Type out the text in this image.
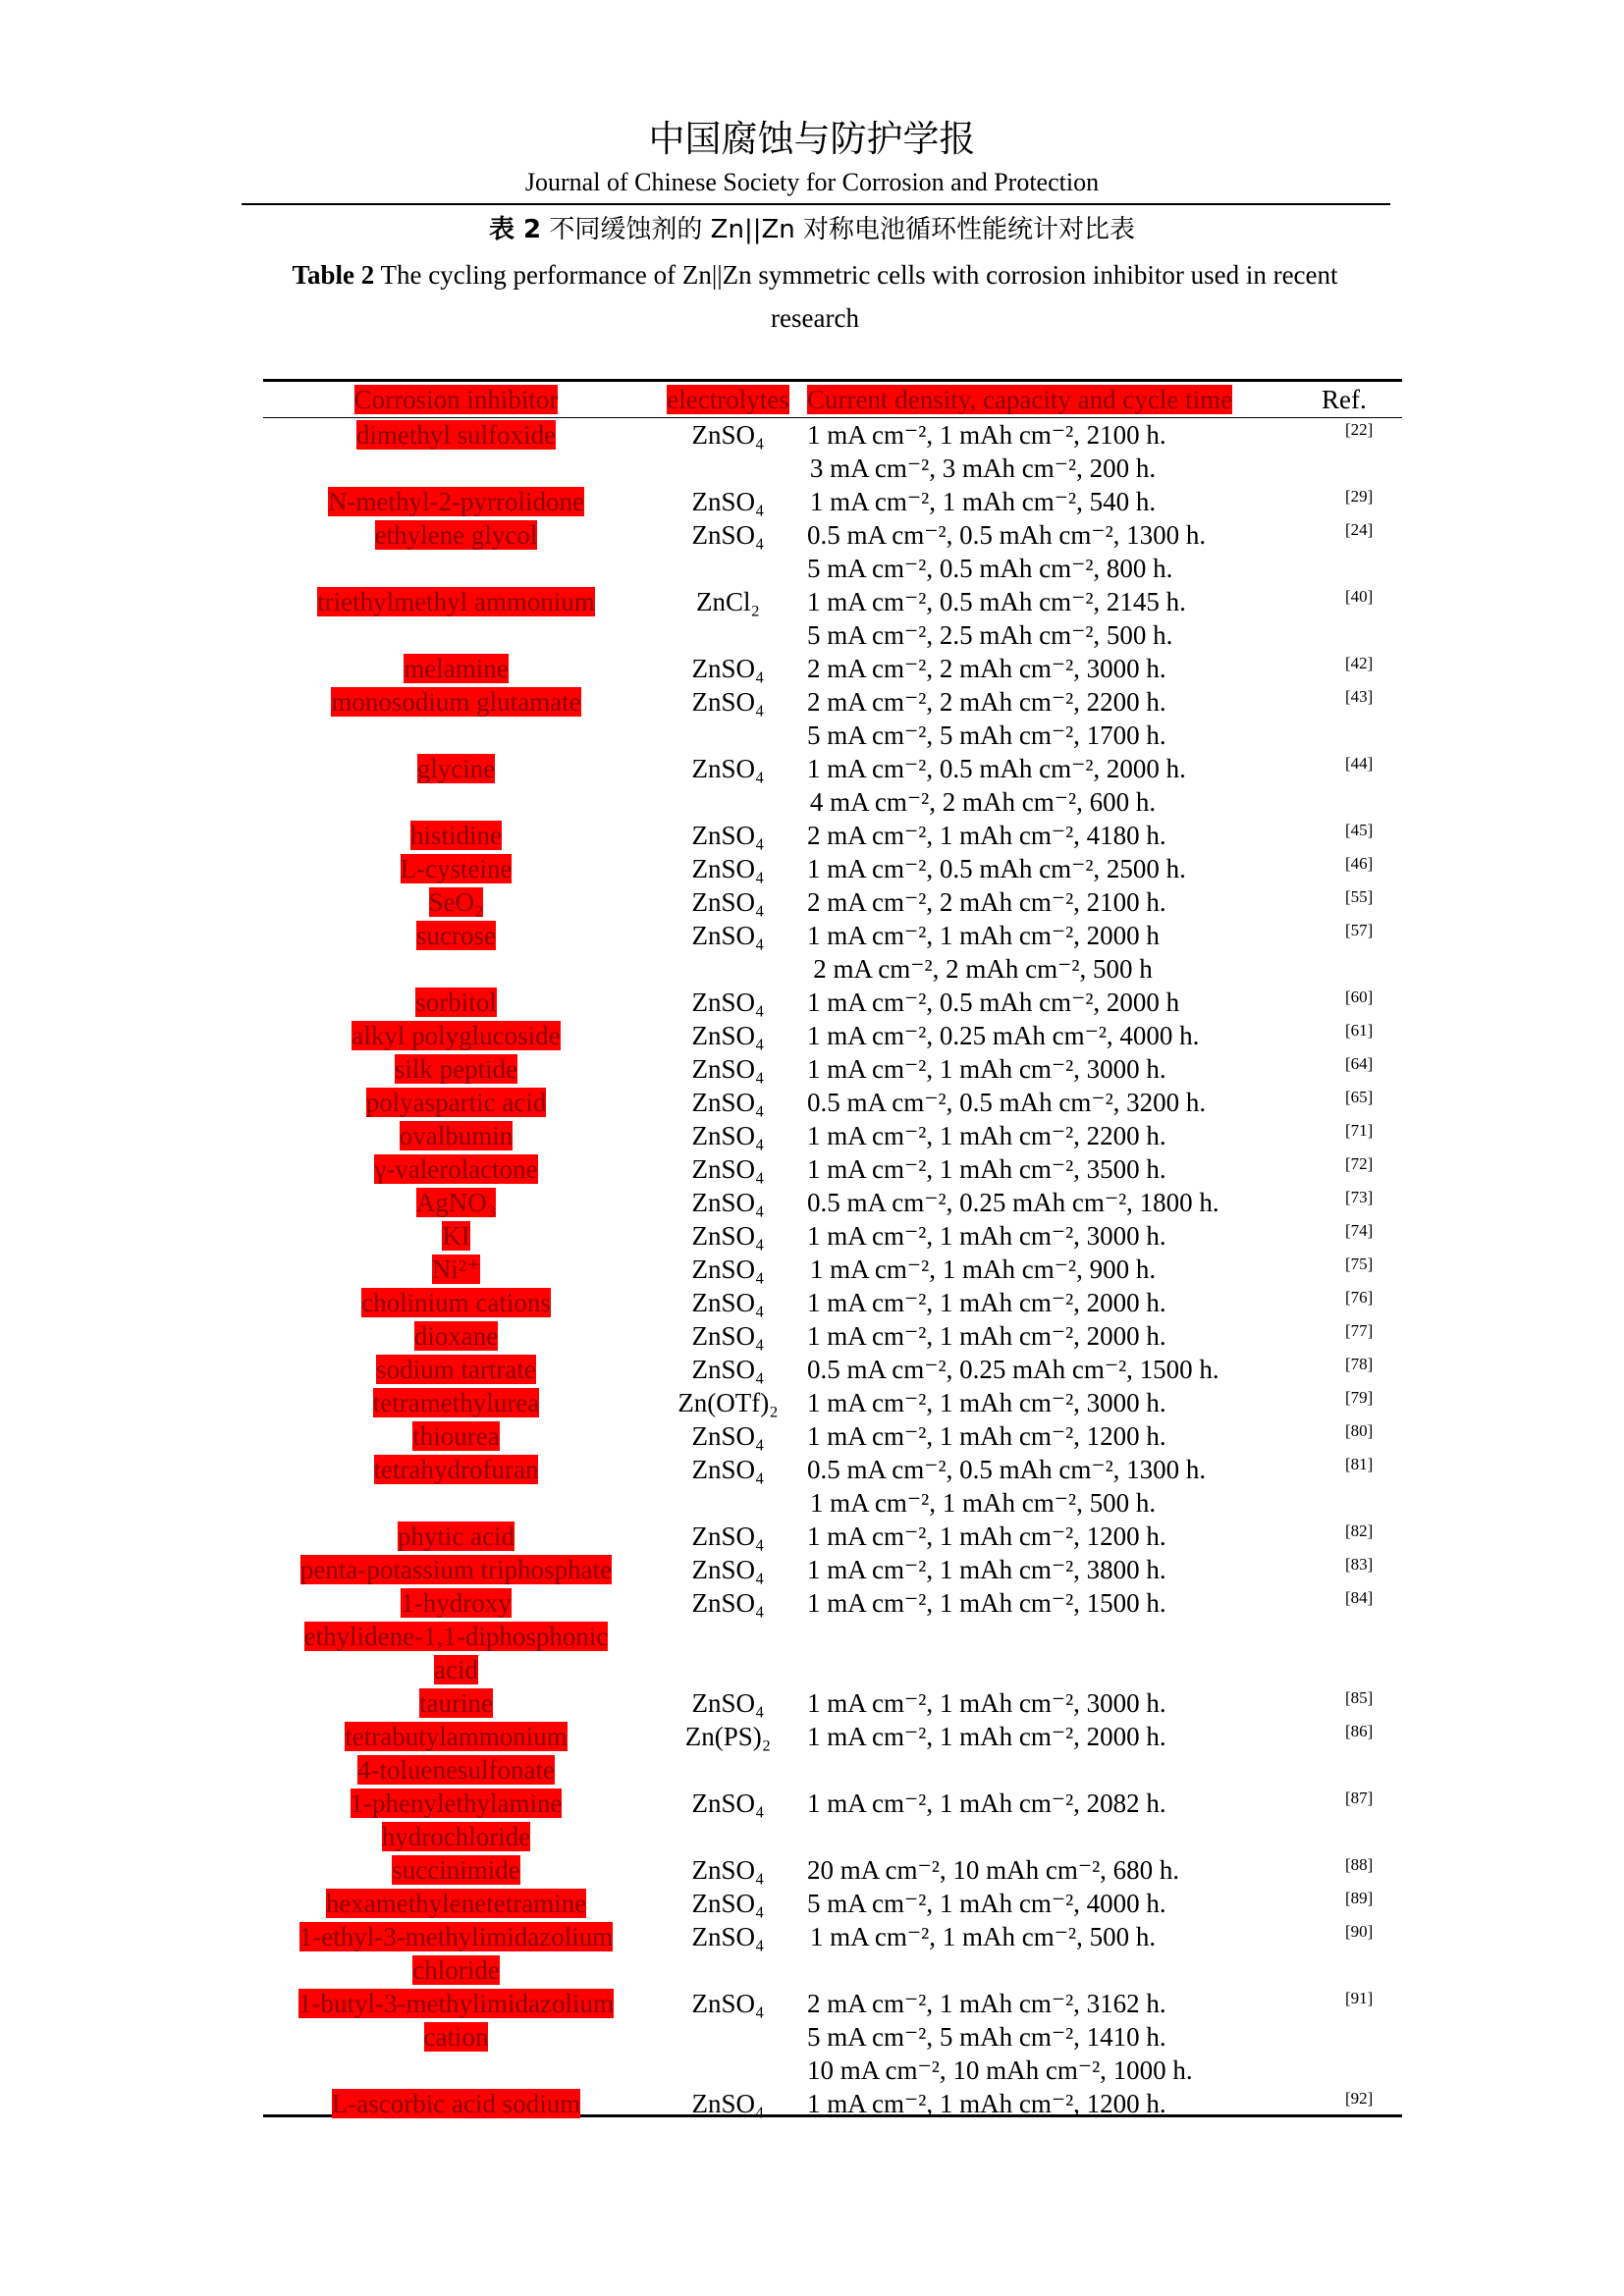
中国腐蚀与防护学报
Journal of Chinese Society for Corrosion and Protection
表 2 不同缓蚀剂的 Zn||Zn 对称电池循环性能统计对比表
Table 2 The cycling performance of Zn||Zn symmetric cells with corrosion inhibitor used in recent research
Corrosion inhibitor	electrolytes	Current density, capacity and cycle time	Ref.
dimethyl sulfoxide	ZnSO₄	1 mA cm⁻², 1 mAh cm⁻², 2100 h.	[22]
		3 mA cm⁻², 3 mAh cm⁻², 200 h.	
N-methyl-2-pyrrolidone	ZnSO₄	1 mA cm⁻², 1 mAh cm⁻², 540 h.	[29]
ethylene glycol	ZnSO₄	0.5 mA cm⁻², 0.5 mAh cm⁻², 1300 h.	[24]
		5 mA cm⁻², 0.5 mAh cm⁻², 800 h.	
triethylmethyl ammonium	ZnCl₂	1 mA cm⁻², 0.5 mAh cm⁻², 2145 h.	[40]
		5 mA cm⁻², 2.5 mAh cm⁻², 500 h.	
melamine	ZnSO₄	2 mA cm⁻², 2 mAh cm⁻², 3000 h.	[42]
monosodium glutamate	ZnSO₄	2 mA cm⁻², 2 mAh cm⁻², 2200 h.	[43]
		5 mA cm⁻², 5 mAh cm⁻², 1700 h.	
glycine	ZnSO₄	1 mA cm⁻², 0.5 mAh cm⁻², 2000 h.	[44]
		4 mA cm⁻², 2 mAh cm⁻², 600 h.	
histidine	ZnSO₄	2 mA cm⁻², 1 mAh cm⁻², 4180 h.	[45]
L-cysteine	ZnSO₄	1 mA cm⁻², 0.5 mAh cm⁻², 2500 h.	[46]
SeO₂	ZnSO₄	2 mA cm⁻², 2 mAh cm⁻², 2100 h.	[55]
sucrose	ZnSO₄	1 mA cm⁻², 1 mAh cm⁻², 2000 h	[57]
		2 mA cm⁻², 2 mAh cm⁻², 500 h	
sorbitol	ZnSO₄	1 mA cm⁻², 0.5 mAh cm⁻², 2000 h	[60]
alkyl polyglucoside	ZnSO₄	1 mA cm⁻², 0.25 mAh cm⁻², 4000 h.	[61]
silk peptide	ZnSO₄	1 mA cm⁻², 1 mAh cm⁻², 3000 h.	[64]
polyaspartic acid	ZnSO₄	0.5 mA cm⁻², 0.5 mAh cm⁻², 3200 h.	[65]
ovalbumin	ZnSO₄	1 mA cm⁻², 1 mAh cm⁻², 2200 h.	[71]
γ-valerolactone	ZnSO₄	1 mA cm⁻², 1 mAh cm⁻², 3500 h.	[72]
AgNO₃	ZnSO₄	0.5 mA cm⁻², 0.25 mAh cm⁻², 1800 h.	[73]
KI	ZnSO₄	1 mA cm⁻², 1 mAh cm⁻², 3000 h.	[74]
Ni²⁺	ZnSO₄	1 mA cm⁻², 1 mAh cm⁻², 900 h.	[75]
cholinium cations	ZnSO₄	1 mA cm⁻², 1 mAh cm⁻², 2000 h.	[76]
dioxane	ZnSO₄	1 mA cm⁻², 1 mAh cm⁻², 2000 h.	[77]
sodium tartrate	ZnSO₄	0.5 mA cm⁻², 0.25 mAh cm⁻², 1500 h.	[78]
tetramethylurea	Zn(OTf)₂	1 mA cm⁻², 1 mAh cm⁻², 3000 h.	[79]
thiourea	ZnSO₄	1 mA cm⁻², 1 mAh cm⁻², 1200 h.	[80]
tetrahydrofuran	ZnSO₄	0.5 mA cm⁻², 0.5 mAh cm⁻², 1300 h.	[81]
		1 mA cm⁻², 1 mAh cm⁻², 500 h.	
phytic acid	ZnSO₄	1 mA cm⁻², 1 mAh cm⁻², 1200 h.	[82]
penta-potassium triphosphate	ZnSO₄	1 mA cm⁻², 1 mAh cm⁻², 3800 h.	[83]
1-hydroxy	ZnSO₄	1 mA cm⁻², 1 mAh cm⁻², 1500 h.	[84]
ethylidene-1,1-diphosphonic			
acid			
taurine	ZnSO₄	1 mA cm⁻², 1 mAh cm⁻², 3000 h.	[85]
tetrabutylammonium	Zn(PS)₂	1 mA cm⁻², 1 mAh cm⁻², 2000 h.	[86]
4-toluenesulfonate			
1-phenylethylamine	ZnSO₄	1 mA cm⁻², 1 mAh cm⁻², 2082 h.	[87]
hydrochloride			
succinimide	ZnSO₄	20 mA cm⁻², 10 mAh cm⁻², 680 h.	[88]
hexamethylenetetramine	ZnSO₄	5 mA cm⁻², 1 mAh cm⁻², 4000 h.	[89]
1-ethyl-3-methylimidazolium	ZnSO₄	1 mA cm⁻², 1 mAh cm⁻², 500 h.	[90]
chloride			
1-butyl-3-methylimidazolium	ZnSO₄	2 mA cm⁻², 1 mAh cm⁻², 3162 h.	[91]
cation		5 mA cm⁻², 5 mAh cm⁻², 1410 h.	
		10 mA cm⁻², 10 mAh cm⁻², 1000 h.	
L-ascorbic acid sodium	ZnSO₄	1 mA cm⁻², 1 mAh cm⁻², 1200 h.	[92]
